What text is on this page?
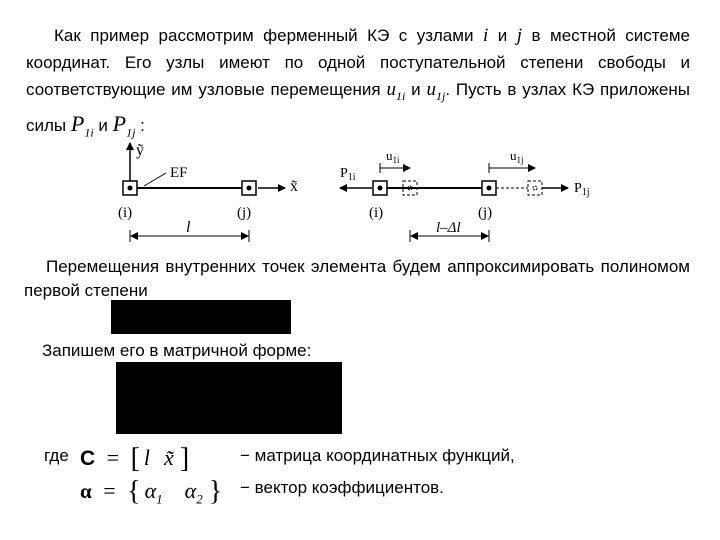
Как пример рассмотрим ферменный КЭ с узлами i и j в местной системе координат. Его узлы имеют по одной поступательной степени свободы и соответствующие им узловые перемещения $u_{1i}$ и $u_{1j}$. Пусть в узлах КЭ приложены силы $P_{1i}$ и $P_{1j}$ :
ỹ
x̃
EF
(i)	(j)
l
$P_{1i}$
$u_{1i}$
$P_{1j}$
$u_{1j}$
(i)	(j)
l–Δl
Перемещения внутренних точек элемента будем аппроксимировать полиномом первой степени
Запишем его в матричной форме:
где C = [ l x̃ ]	− матрица координатных функций,
α = { $\alpha_1$ $\alpha_2$ } − вектор коэффициентов.
